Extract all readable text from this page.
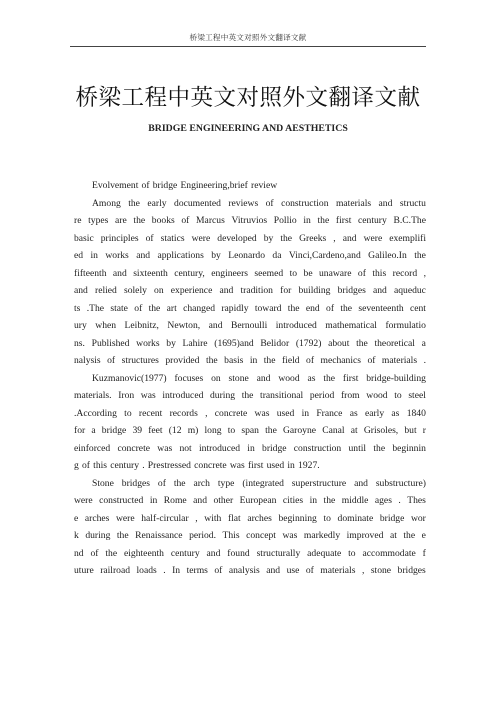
桥梁工程中英文对照外文翻译文献
桥梁工程中英文对照外文翻译文献
BRIDGE ENGINEERING AND AESTHETICS
Evolvement of bridge Engineering,brief review
Among the early documented reviews of construction materials and structu
re types are the books of Marcus Vitruvios Pollio in the first century B.C.The
basic principles of statics were developed by the Greeks , and were exemplifi
ed in works and applications by Leonardo da Vinci,Cardeno,and Galileo.In the
fifteenth and sixteenth century, engineers seemed to be unaware of this record ,
and relied solely on experience and tradition for building bridges and aqueduc
ts .The state of the art changed rapidly toward the end of the seventeenth cent
ury when Leibnitz, Newton, and Bernoulli introduced mathematical formulatio
ns. Published works by Lahire (1695)and Belidor (1792) about the theoretical a
nalysis of structures provided the basis in the field of mechanics of materials .
Kuzmanovic(1977) focuses on stone and wood as the first bridge-building
materials. Iron was introduced during the transitional period from wood to steel
.According to recent records , concrete was used in France as early as 1840
for a bridge 39 feet (12 m) long to span the Garoyne Canal at Grisoles, but r
einforced concrete was not introduced in bridge construction until the beginnin
g of this century . Prestressed concrete was first used in 1927.
Stone bridges of the arch type (integrated superstructure and substructure)
were constructed in Rome and other European cities in the middle ages . Thes
e arches were half-circular , with flat arches beginning to dominate bridge wor
k during the Renaissance period. This concept was markedly improved at the e
nd of the eighteenth century and found structurally adequate to accommodate f
uture railroad loads . In terms of analysis and use of materials , stone bridges
